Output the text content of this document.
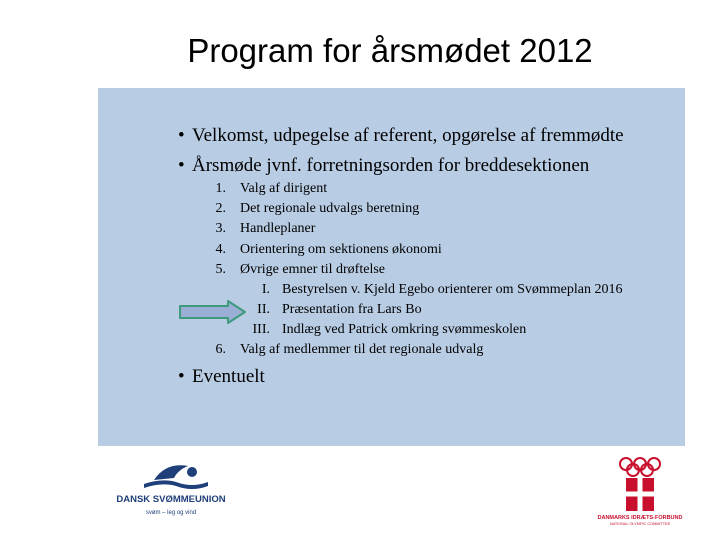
Program for årsmødet 2012
• Velkomst, udpegelse af referent, opgørelse af fremmødte
• Årsmøde jvnf. forretningsorden for breddesektionen
1. Valg af dirigent
2. Det regionale udvalgs beretning
3. Handleplaner
4. Orientering om sektionens økonomi
5. Øvrige emner til drøftelse
I. Bestyrelsen v. Kjeld Egebo orienterer om Svømmeplan 2016
II. Præsentation fra Lars Bo
III. Indlæg ved Patrick omkring svømmeskolen
6. Valg af medlemmer til det regionale udvalg
• Eventuelt
DANSK SVØMMEUNION
svøm – leg og vind
DANMARKS IDRÆTS-FORBUND
NATIONAL OLYMPIC COMMITTEE
